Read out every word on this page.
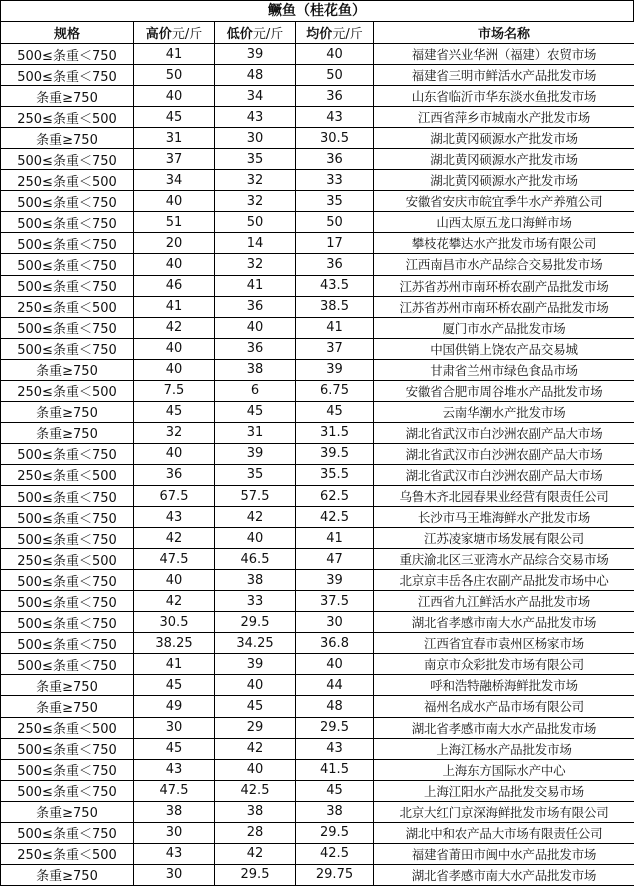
鳜鱼（桂花鱼）
规格	高价元/斤	低价元/斤	均价元/斤	市场名称
500≤条重＜750	41	39	40	福建省兴业华洲（福建）农贸市场
500≤条重＜750	50	48	50	福建省三明市鲜活水产品批发市场
条重≥750	40	34	36	山东省临沂市华东淡水鱼批发市场
250≤条重＜500	45	43	43	江西省萍乡市城南水产批发市场
条重≥750	31	30	30.5	湖北黄冈硕源水产批发市场
500≤条重＜750	37	35	36	湖北黄冈硕源水产批发市场
250≤条重＜500	34	32	33	湖北黄冈硕源水产批发市场
500≤条重＜750	40	32	35	安徽省安庆市皖宜季牛水产养殖公司
500≤条重＜750	51	50	50	山西太原五龙口海鲜市场
500≤条重＜750	20	14	17	攀枝花攀达水产批发市场有限公司
500≤条重＜750	40	32	36	江西南昌市水产品综合交易批发市场
500≤条重＜750	46	41	43.5	江苏省苏州市南环桥农副产品批发市场
250≤条重＜500	41	36	38.5	江苏省苏州市南环桥农副产品批发市场
500≤条重＜750	42	40	41	厦门市水产品批发市场
500≤条重＜750	40	36	37	中国供销上饶农产品交易城
条重≥750	40	38	39	甘肃省兰州市绿色食品市场
250≤条重＜500	7.5	6	6.75	安徽省合肥市周谷堆水产品批发市场
条重≥750	45	45	45	云南华潮水产批发市场
条重≥750	32	31	31.5	湖北省武汉市白沙洲农副产品大市场
500≤条重＜750	40	39	39.5	湖北省武汉市白沙洲农副产品大市场
250≤条重＜500	36	35	35.5	湖北省武汉市白沙洲农副产品大市场
500≤条重＜750	67.5	57.5	62.5	乌鲁木齐北园春果业经营有限责任公司
500≤条重＜750	43	42	42.5	长沙市马王堆海鲜水产批发市场
500≤条重＜750	42	40	41	江苏凌家塘市场发展有限公司
250≤条重＜500	47.5	46.5	47	重庆渝北区三亚湾水产品综合交易市场
500≤条重＜750	40	38	39	北京京丰岳各庄农副产品批发市场中心
500≤条重＜750	42	33	37.5	江西省九江鲜活水产品批发市场
500≤条重＜750	30.5	29.5	30	湖北省孝感市南大水产品批发市场
500≤条重＜750	38.25	34.25	36.8	江西省宜春市袁州区杨家市场
500≤条重＜750	41	39	40	南京市众彩批发市场有限公司
条重≥750	45	40	44	呼和浩特融桥海鲜批发市场
条重≥750	49	45	48	福州名成水产品市场有限公司
250≤条重＜500	30	29	29.5	湖北省孝感市南大水产品批发市场
500≤条重＜750	45	42	43	上海江杨水产品批发市场
500≤条重＜750	43	40	41.5	上海东方国际水产中心
500≤条重＜750	47.5	42.5	45	上海江阳水产品批发交易市场
条重≥750	38	38	38	北京大红门京深海鲜批发市场有限公司
500≤条重＜750	30	28	29.5	湖北中和农产品大市场有限责任公司
250≤条重＜500	43	42	42.5	福建省莆田市闽中水产品批发市场
条重≥750	30	29.5	29.75	湖北省孝感市南大水产品批发市场
